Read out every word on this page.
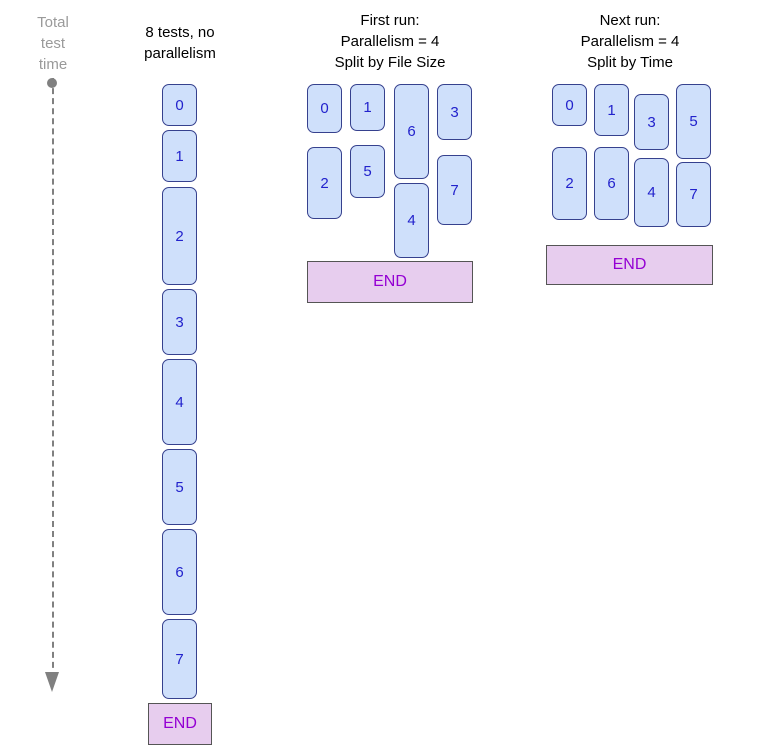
Total
test
time
8 tests, no
parallelism
First run:
Parallelism = 4
Split by File Size
Next run:
Parallelism = 4
Split by Time
0
1
2
3
4
5
6
7
0
2
1
5
6
4
3
7
0
2
1
6
3
4
5
7
END
END
END
